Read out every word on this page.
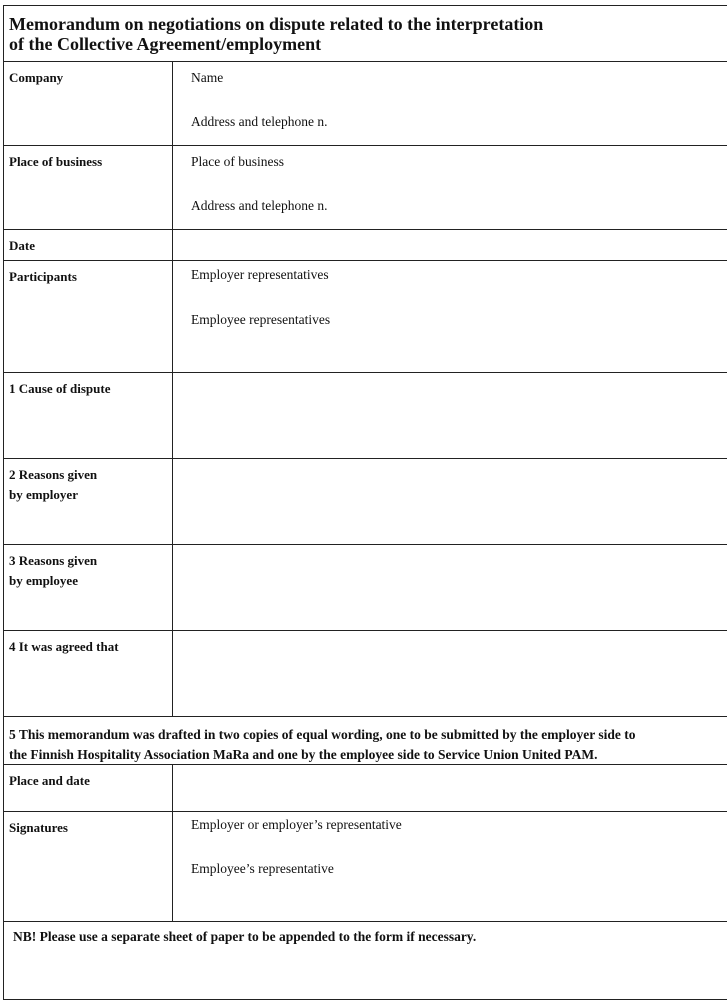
Memorandum on negotiations on dispute related to the interpretation
of the Collective Agreement/employment
Company	Name
Address and telephone n.
Place of business	Place of business
Address and telephone n.
Date
Participants	Employer representatives
Employee representatives
1 Cause of dispute
2 Reasons given
by employer
3 Reasons given
by employee
4 It was agreed that
5 This memorandum was drafted in two copies of equal wording, one to be submitted by the employer side to
the Finnish Hospitality Association MaRa and one by the employee side to Service Union United PAM.
Place and date
Signatures	Employer or employer’s representative
Employee’s representative
NB! Please use a separate sheet of paper to be appended to the form if necessary.
